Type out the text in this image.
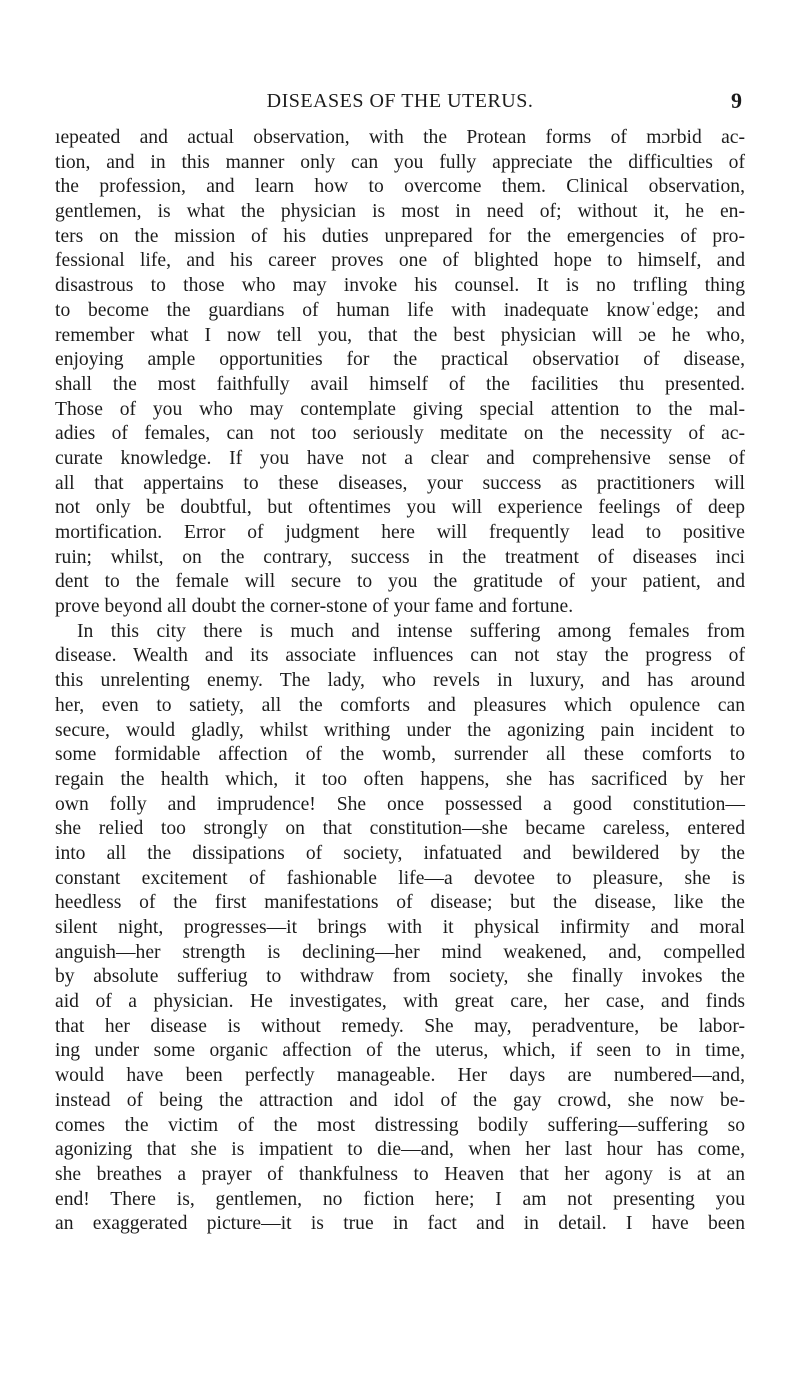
DISEASES OF THE UTERUS.	9
ıepeated and actual observation, with the Protean forms of mɔrbid ac-
tion, and in this manner only can you fully appreciate the difficulties of
the profession, and learn how to overcome them. Clinical observation,
gentlemen, is what the physician is most in need of; without it, he en-
ters on the mission of his duties unprepared for the emergencies of pro-
fessional life, and his career proves one of blighted hope to himself, and
disastrous to those who may invoke his counsel. It is no trıfling thing
to become the guardians of human life with inadequate knowˈedge; and
remember what I now tell you, that the best physician will ɔe he who,
enjoying ample opportunities for the practical observatioɪ of disease,
shall the most faithfully avail himself of the facilities thu presented.
Those of you who may contemplate giving special attention to the mal-
adies of females, can not too seriously meditate on the necessity of ac-
curate knowledge. If you have not a clear and comprehensive sense of
all that appertains to these diseases, your success as practitioners will
not only be doubtful, but oftentimes you will experience feelings of deep
mortification. Error of judgment here will frequently lead to positive
ruin; whilst, on the contrary, success in the treatment of diseases inci
dent to the female will secure to you the gratitude of your patient, and
prove beyond all doubt the corner-stone of your fame and fortune.
In this city there is much and intense suffering among females from
disease. Wealth and its associate influences can not stay the progress of
this unrelenting enemy. The lady, who revels in luxury, and has around
her, even to satiety, all the comforts and pleasures which opulence can
secure, would gladly, whilst writhing under the agonizing pain incident to
some formidable affection of the womb, surrender all these comforts to
regain the health which, it too often happens, she has sacrificed by her
own folly and imprudence! She once possessed a good constitution—
she relied too strongly on that constitution—she became careless, entered
into all the dissipations of society, infatuated and bewildered by the
constant excitement of fashionable life—a devotee to pleasure, she is
heedless of the first manifestations of disease; but the disease, like the
silent night, progresses—it brings with it physical infirmity and moral
anguish—her strength is declining—her mind weakened, and, compelled
by absolute sufferiug to withdraw from society, she finally invokes the
aid of a physician. He investigates, with great care, her case, and finds
that her disease is without remedy. She may, peradventure, be labor-
ing under some organic affection of the uterus, which, if seen to in time,
would have been perfectly manageable. Her days are numbered—and,
instead of being the attraction and idol of the gay crowd, she now be-
comes the victim of the most distressing bodily suffering—suffering so
agonizing that she is impatient to die—and, when her last hour has come,
she breathes a prayer of thankfulness to Heaven that her agony is at an
end! There is, gentlemen, no fiction here; I am not presenting you
an exaggerated picture—it is true in fact and in detail. I have been
